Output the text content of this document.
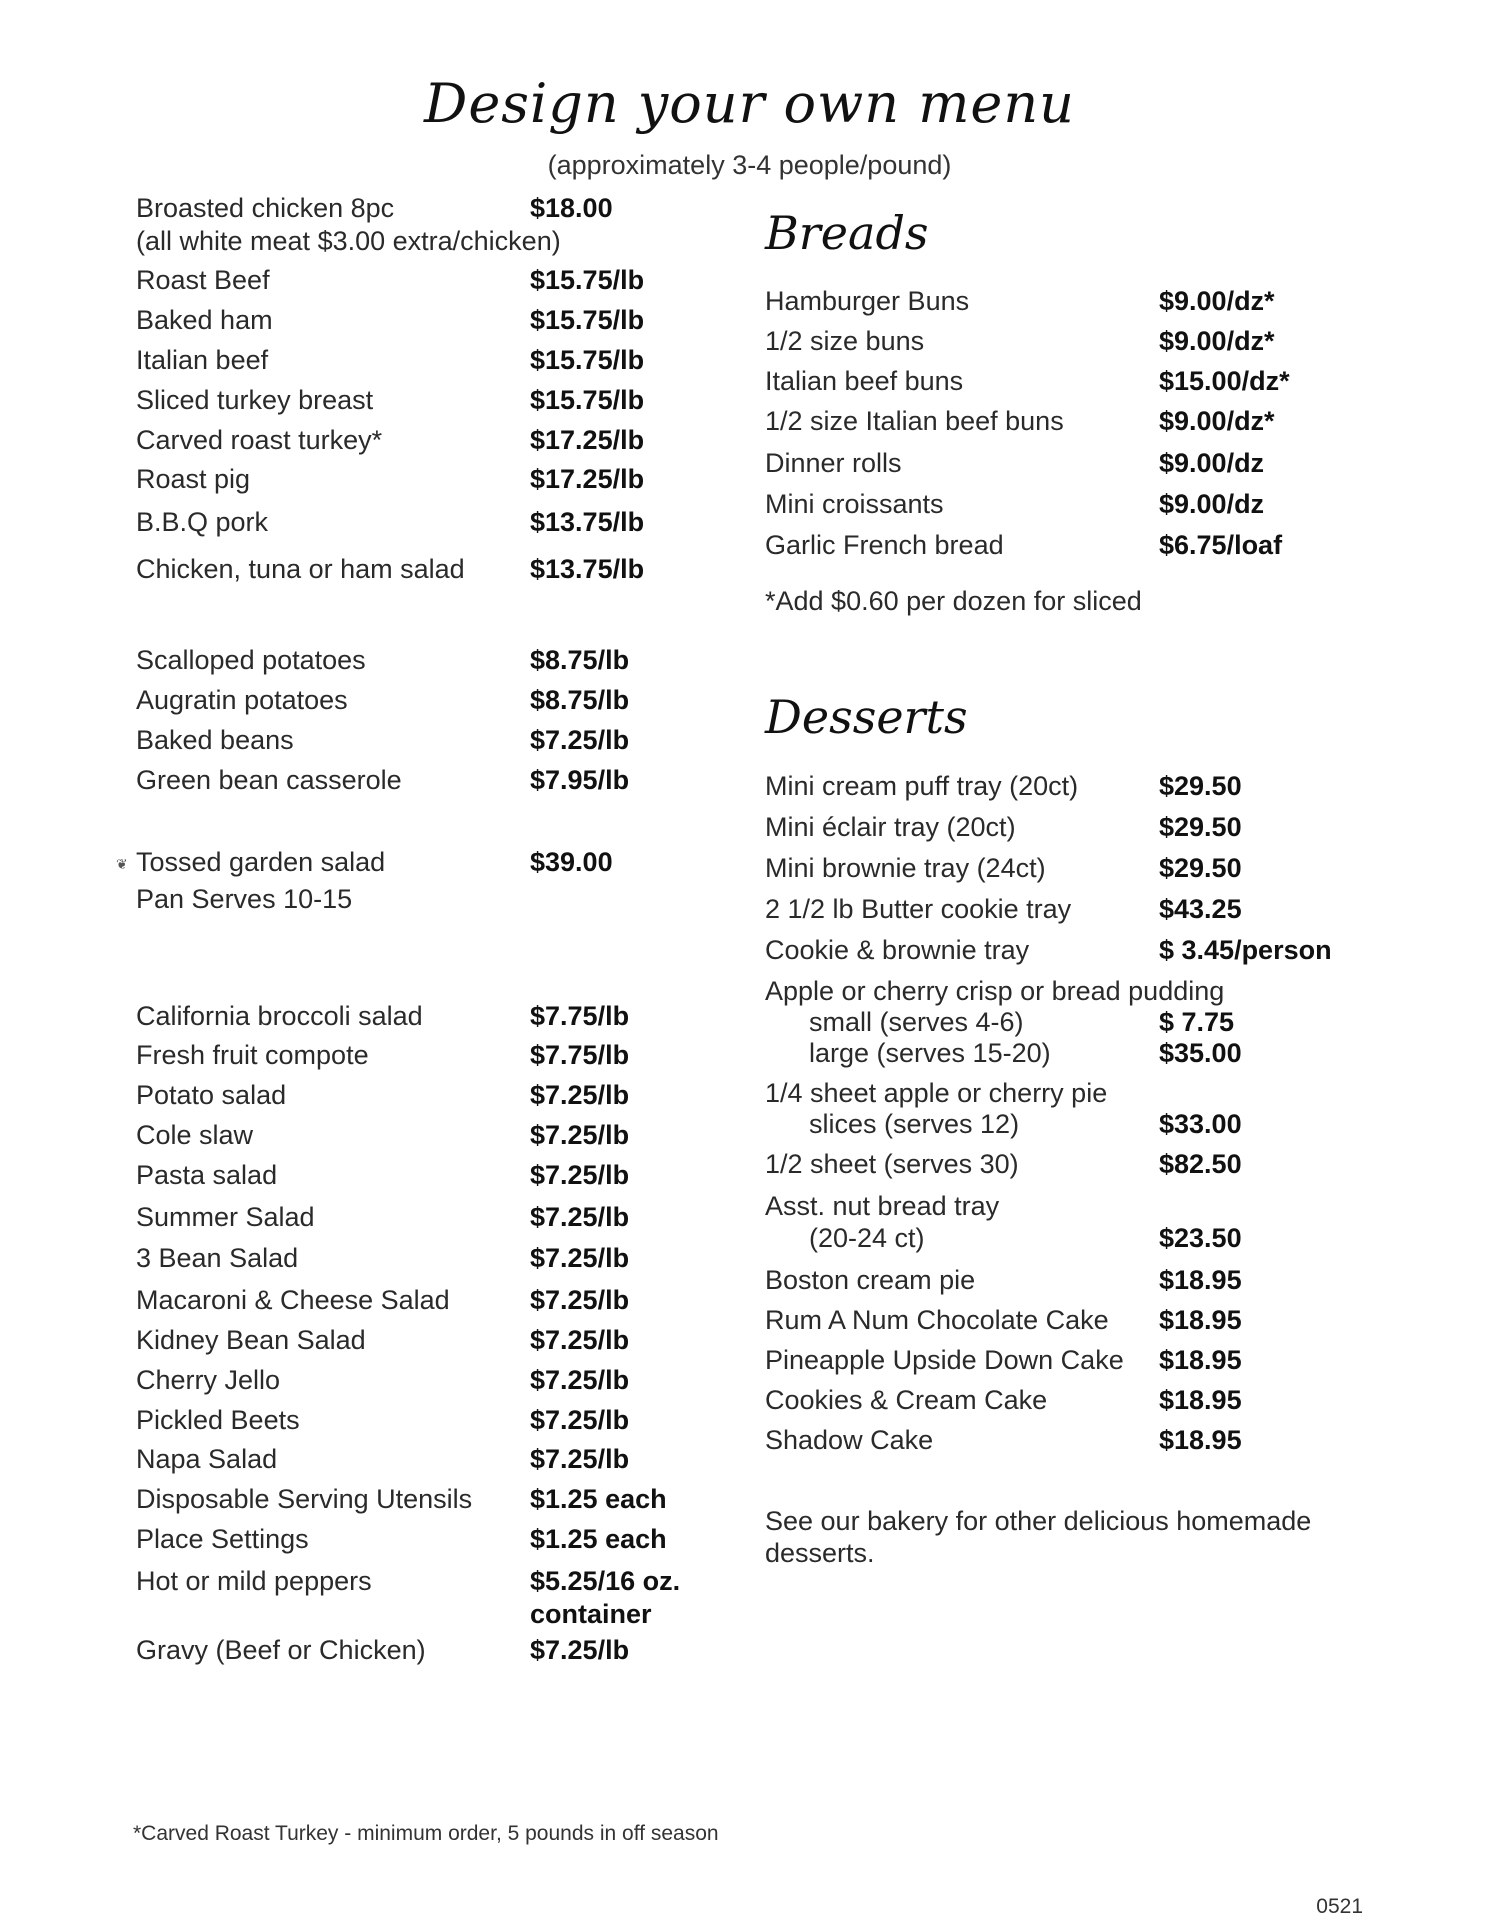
Design your own menu
(approximately 3-4 people/pound)
Broasted chicken 8pc	$18.00
(all white meat $3.00 extra/chicken)
Roast Beef	$15.75/lb
Baked ham	$15.75/lb
Italian beef	$15.75/lb
Sliced turkey breast	$15.75/lb
Carved roast turkey*	$17.25/lb
Roast pig	$17.25/lb
B.B.Q pork	$13.75/lb
Chicken, tuna or ham salad $13.75/lb
Scalloped potatoes	$8.75/lb
Augratin potatoes	$8.75/lb
Baked beans	$7.25/lb
Green bean casserole	$7.95/lb
❦ Tossed garden salad	$39.00
Pan Serves 10-15
California broccoli salad	$7.75/lb
Fresh fruit compote	$7.75/lb
Potato salad	$7.25/lb
Cole slaw	$7.25/lb
Pasta salad	$7.25/lb
Summer Salad	$7.25/lb
3 Bean Salad	$7.25/lb
Macaroni & Cheese Salad	$7.25/lb
Kidney Bean Salad	$7.25/lb
Cherry Jello	$7.25/lb
Pickled Beets	$7.25/lb
Napa Salad	$7.25/lb
Disposable Serving Utensils $1.25 each
Place Settings	$1.25 each
Hot or mild peppers	$5.25/16 oz.
container
Gravy (Beef or Chicken)	$7.25/lb
Breads
Hamburger Buns	$9.00/dz*
1/2 size buns	$9.00/dz*
Italian beef buns	$15.00/dz*
1/2 size Italian beef buns	$9.00/dz*
Dinner rolls	$9.00/dz
Mini croissants	$9.00/dz
Garlic French bread	$6.75/loaf
*Add $0.60 per dozen for sliced
Desserts
Mini cream puff tray (20ct)	$29.50
Mini éclair tray (20ct)	$29.50
Mini brownie tray (24ct)	$29.50
2 1/2 lb Butter cookie tray	$43.25
Cookie & brownie tray	$ 3.45/person
Apple or cherry crisp or bread pudding
small (serves 4-6)	$ 7.75
large (serves 15-20)	$35.00
1/4 sheet apple or cherry pie
slices (serves 12)	$33.00
1/2 sheet (serves 30)	$82.50
Asst. nut bread tray
(20-24 ct)	$23.50
Boston cream pie	$18.95
Rum A Num Chocolate Cake $18.95
Pineapple Upside Down Cake $18.95
Cookies & Cream Cake	$18.95
Shadow Cake	$18.95
See our bakery for other delicious homemade desserts.
*Carved Roast Turkey - minimum order, 5 pounds in off season
0521
